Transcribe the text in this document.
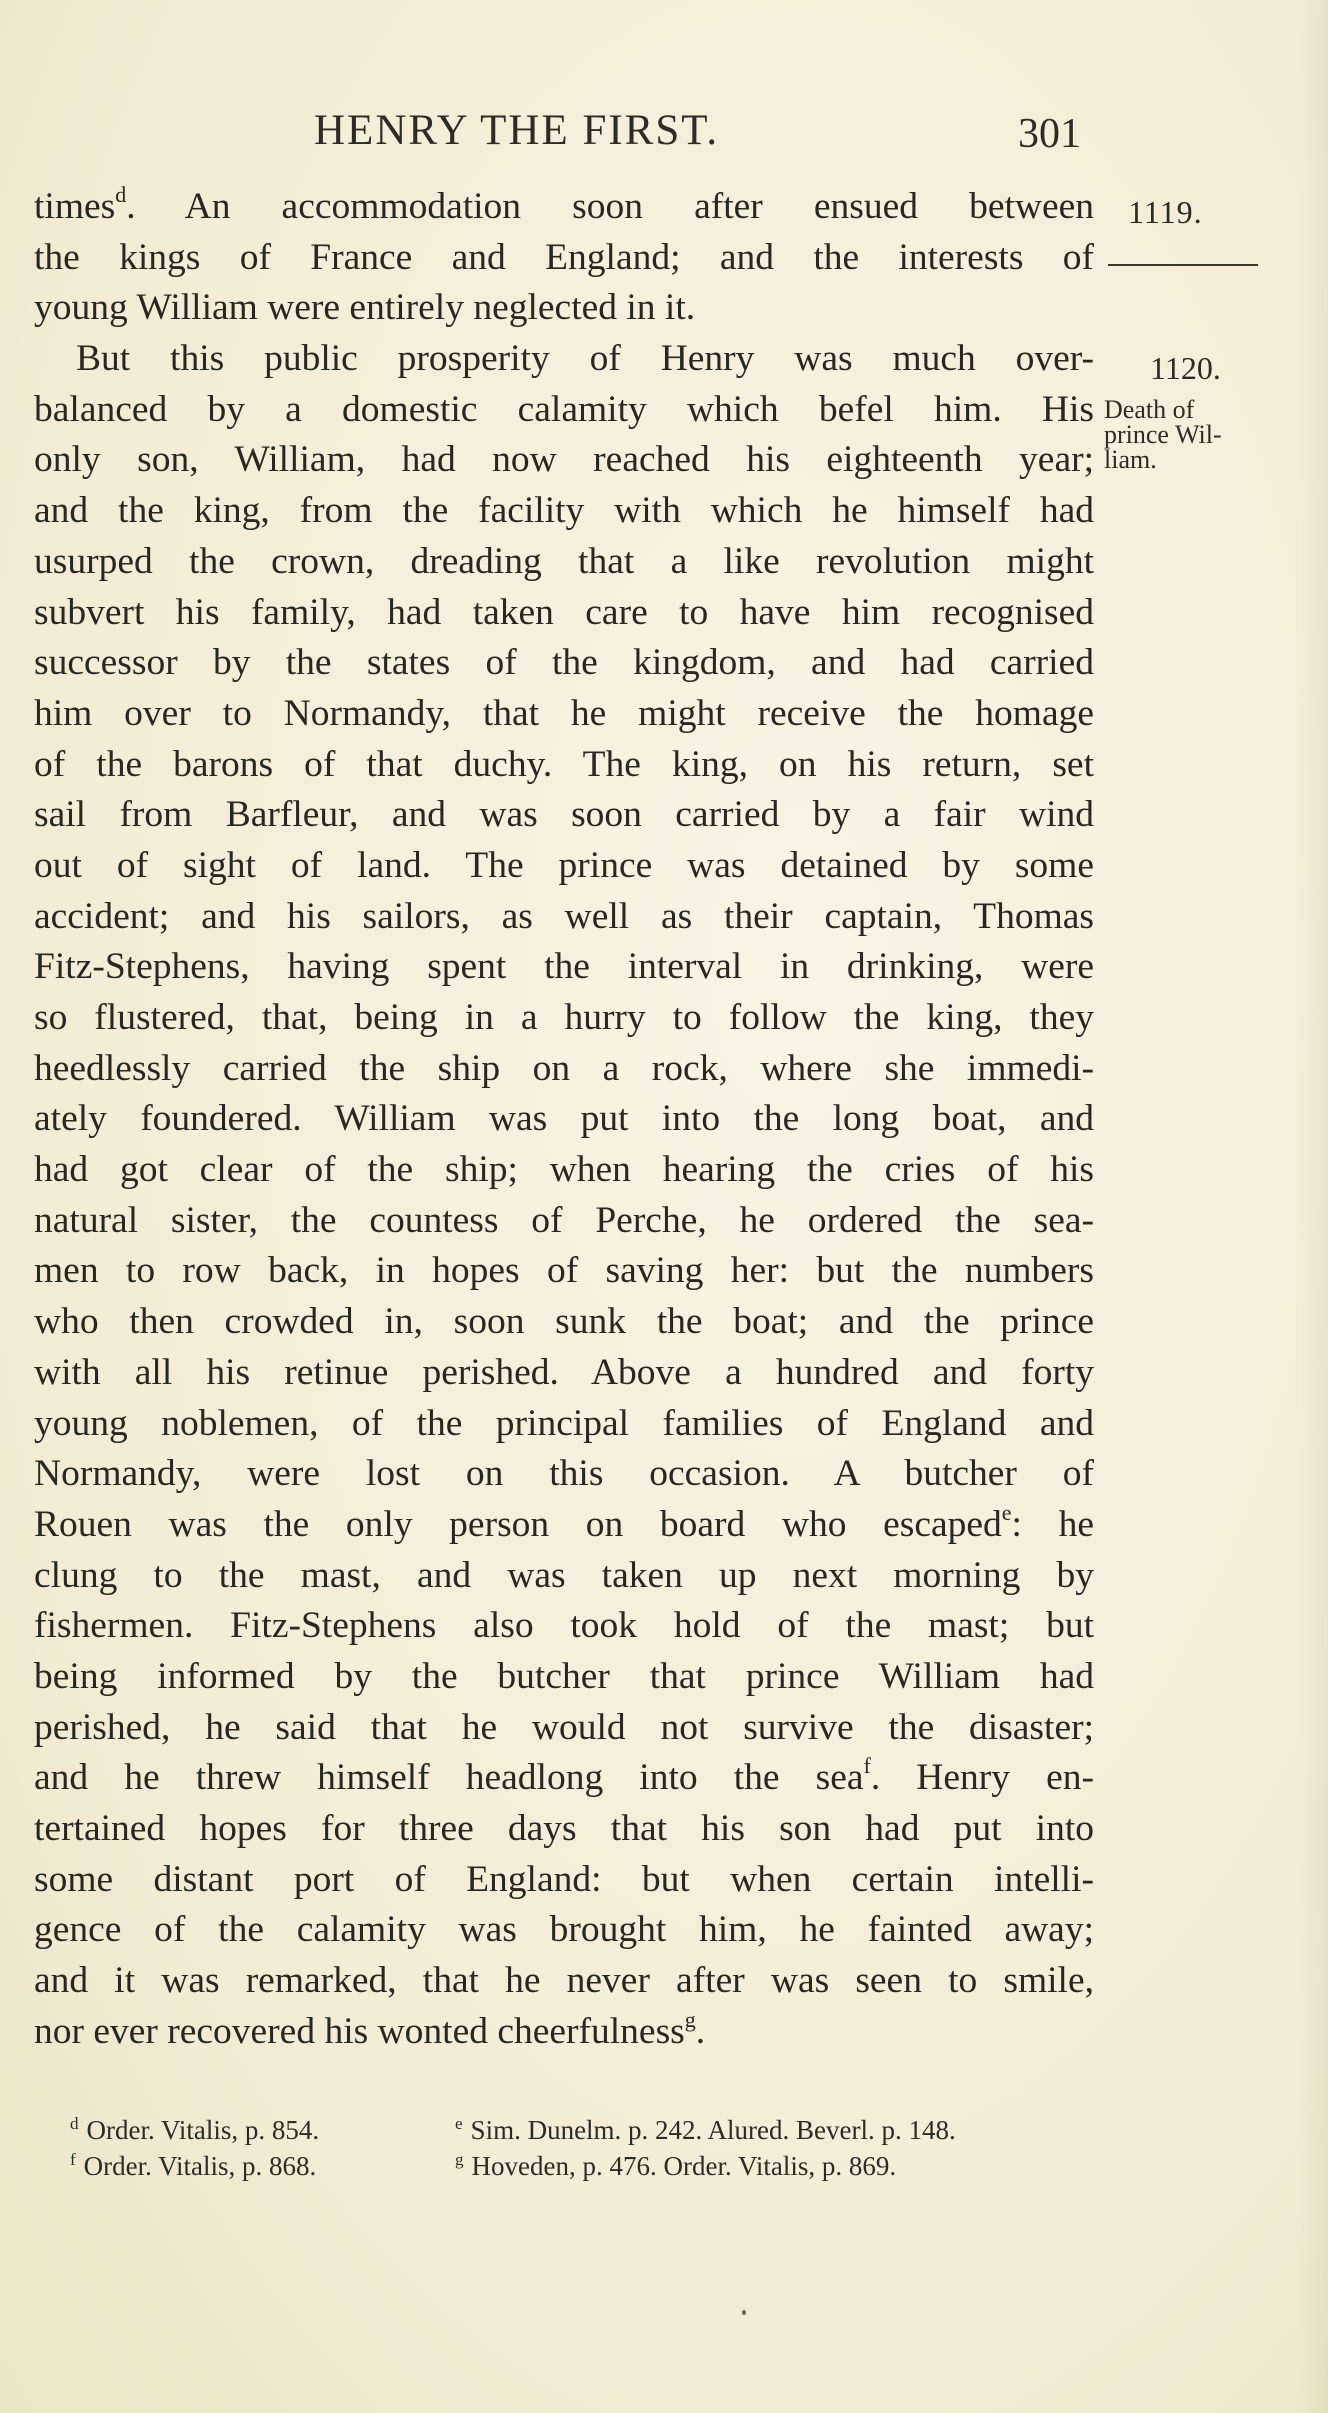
HENRY THE FIRST.	301
1119.
1120.
Death of
prince Wil-
liam.
times$^d$. An accommodation soon after ensued between
the kings of France and England; and the interests of
young William were entirely neglected in it.
But this public prosperity of Henry was much over-
balanced by a domestic calamity which befel him. His
only son, William, had now reached his eighteenth year;
and the king, from the facility with which he himself had
usurped the crown, dreading that a like revolution might
subvert his family, had taken care to have him recognised
successor by the states of the kingdom, and had carried
him over to Normandy, that he might receive the homage
of the barons of that duchy. The king, on his return, set
sail from Barfleur, and was soon carried by a fair wind
out of sight of land. The prince was detained by some
accident; and his sailors, as well as their captain, Thomas
Fitz-Stephens, having spent the interval in drinking, were
so flustered, that, being in a hurry to follow the king, they
heedlessly carried the ship on a rock, where she immedi-
ately foundered. William was put into the long boat, and
had got clear of the ship; when hearing the cries of his
natural sister, the countess of Perche, he ordered the sea-
men to row back, in hopes of saving her: but the numbers
who then crowded in, soon sunk the boat; and the prince
with all his retinue perished. Above a hundred and forty
young noblemen, of the principal families of England and
Normandy, were lost on this occasion. A butcher of
Rouen was the only person on board who escaped$^e$: he
clung to the mast, and was taken up next morning by
fishermen. Fitz-Stephens also took hold of the mast; but
being informed by the butcher that prince William had
perished, he said that he would not survive the disaster;
and he threw himself headlong into the sea$^f$. Henry en-
tertained hopes for three days that his son had put into
some distant port of England: but when certain intelli-
gence of the calamity was brought him, he fainted away;
and it was remarked, that he never after was seen to smile,
nor ever recovered his wonted cheerfulness$^g$.
$^d$ Order. Vitalis, p. 854.	$^e$ Sim. Dunelm. p. 242. Alured. Beverl. p. 148.
$^f$ Order. Vitalis, p. 868.	$^g$ Hoveden, p. 476. Order. Vitalis, p. 869.
